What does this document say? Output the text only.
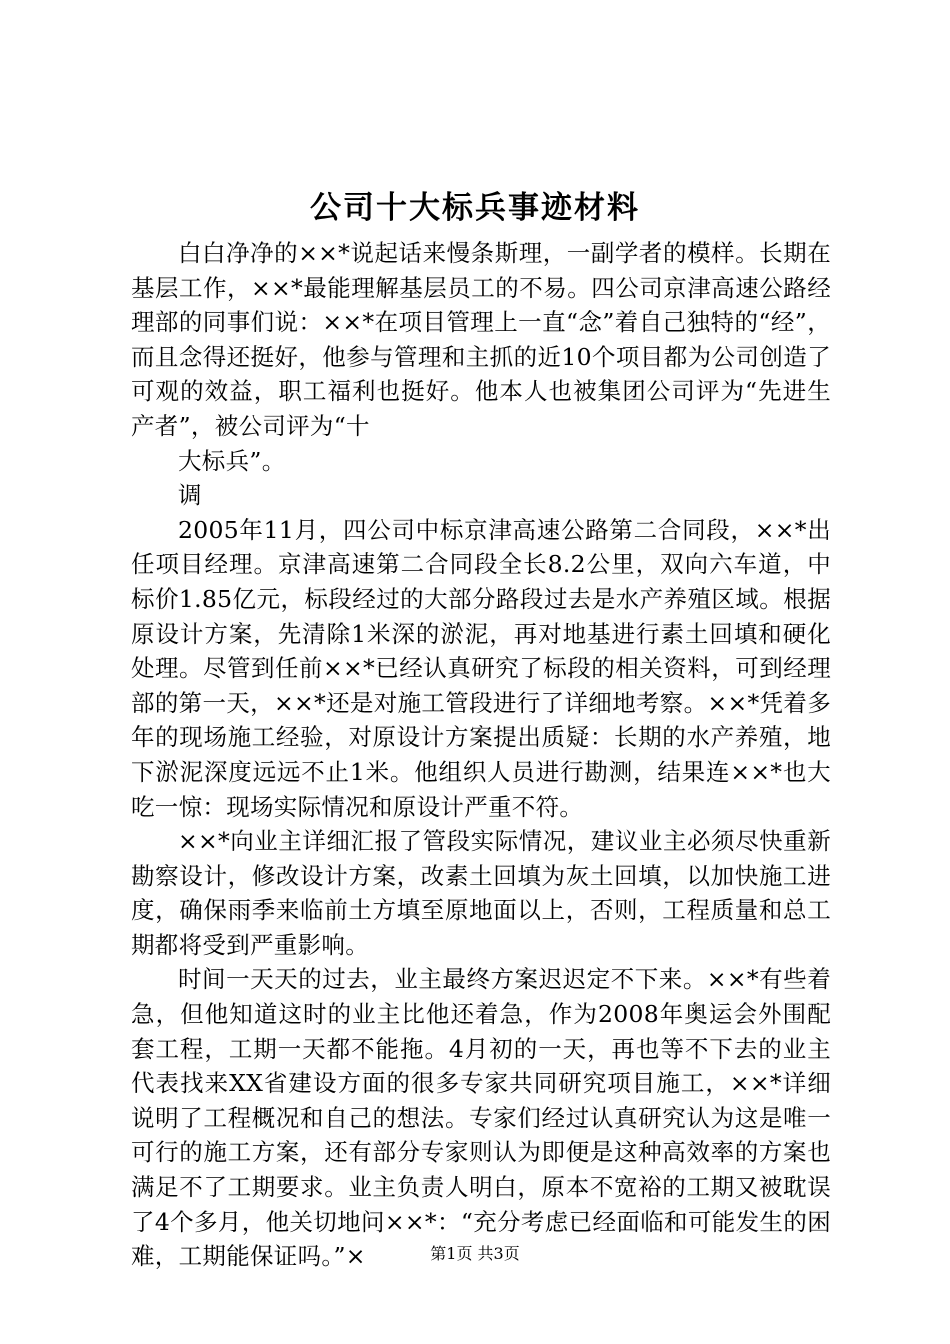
公司十大标兵事迹材料

白白净净的××*说起话来慢条斯理，一副学者的模样。长期在基层工作，××*最能理解基层员工的不易。四公司京津高速公路经理部的同事们说：××*在项目管理上一直“念”着自己独特的“经”，而且念得还挺好，他参与管理和主抓的近10个项目都为公司创造了可观的效益，职工福利也挺好。他本人也被集团公司评为“先进生产者”，被公司评为“十

大标兵”。

调

2005年11月，四公司中标京津高速公路第二合同段，××*出任项目经理。京津高速第二合同段全长8.2公里，双向六车道，中标价1.85亿元，标段经过的大部分路段过去是水产养殖区域。根据原设计方案，先清除1米深的淤泥，再对地基进行素土回填和硬化处理。尽管到任前××*已经认真研究了标段的相关资料，可到经理部的第一天，××*还是对施工管段进行了详细地考察。××*凭着多年的现场施工经验，对原设计方案提出质疑：长期的水产养殖，地下淤泥深度远远不止1米。他组织人员进行勘测，结果连××*也大吃一惊：现场实际情况和原设计严重不符。

××*向业主详细汇报了管段实际情况，建议业主必须尽快重新勘察设计，修改设计方案，改素土回填为灰土回填，以加快施工进度，确保雨季来临前土方填至原地面以上，否则，工程质量和总工期都将受到严重影响。

时间一天天的过去，业主最终方案迟迟定不下来。××*有些着急，但他知道这时的业主比他还着急，作为2008年奥运会外围配套工程，工期一天都不能拖。4月初的一天，再也等不下去的业主代表找来XX省建设方面的很多专家共同研究项目施工，××*详细说明了工程概况和自己的想法。专家们经过认真研究认为这是唯一可行的施工方案，还有部分专家则认为即便是这种高效率的方案也满足不了工期要求。业主负责人明白，原本不宽裕的工期又被耽误了4个多月，他关切地问××*：“充分考虑已经面临和可能发生的困难，工期能保证吗。”×	第1页 共3页
